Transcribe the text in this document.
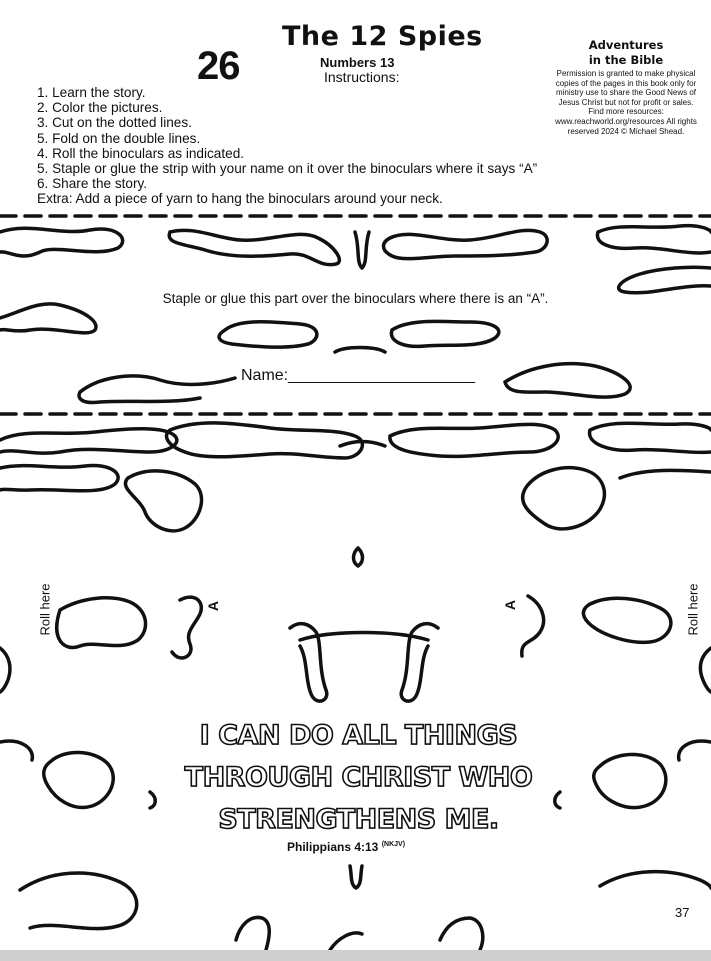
26
The 12 Spies
Numbers 13
Instructions:
Adventures
in the Bible
Permission is granted to make physical copies of the pages in this book only for ministry use to share the Good News of Jesus Christ but not for profit or sales. Find more resources: www.reachworld.org/resources All rights reserved 2024 © Michael Shead.
1. Learn the story.
2. Color the pictures.
3. Cut on the dotted lines.
5. Fold on the double lines.
4. Roll the binoculars as indicated.
5. Staple or glue the strip with your name on it over the binoculars where it says “A”
6. Share the story.
Extra: Add a piece of yarn to hang the binoculars around your neck.
Staple or glue this part over the binoculars where there is an “A”.
Name:_____________________
Roll here	Roll here
A	A
I CAN DO ALL THINGS
THROUGH CHRIST WHO
STRENGTHENS ME.
Philippians 4:13 $^{(NKJV)}$
37
